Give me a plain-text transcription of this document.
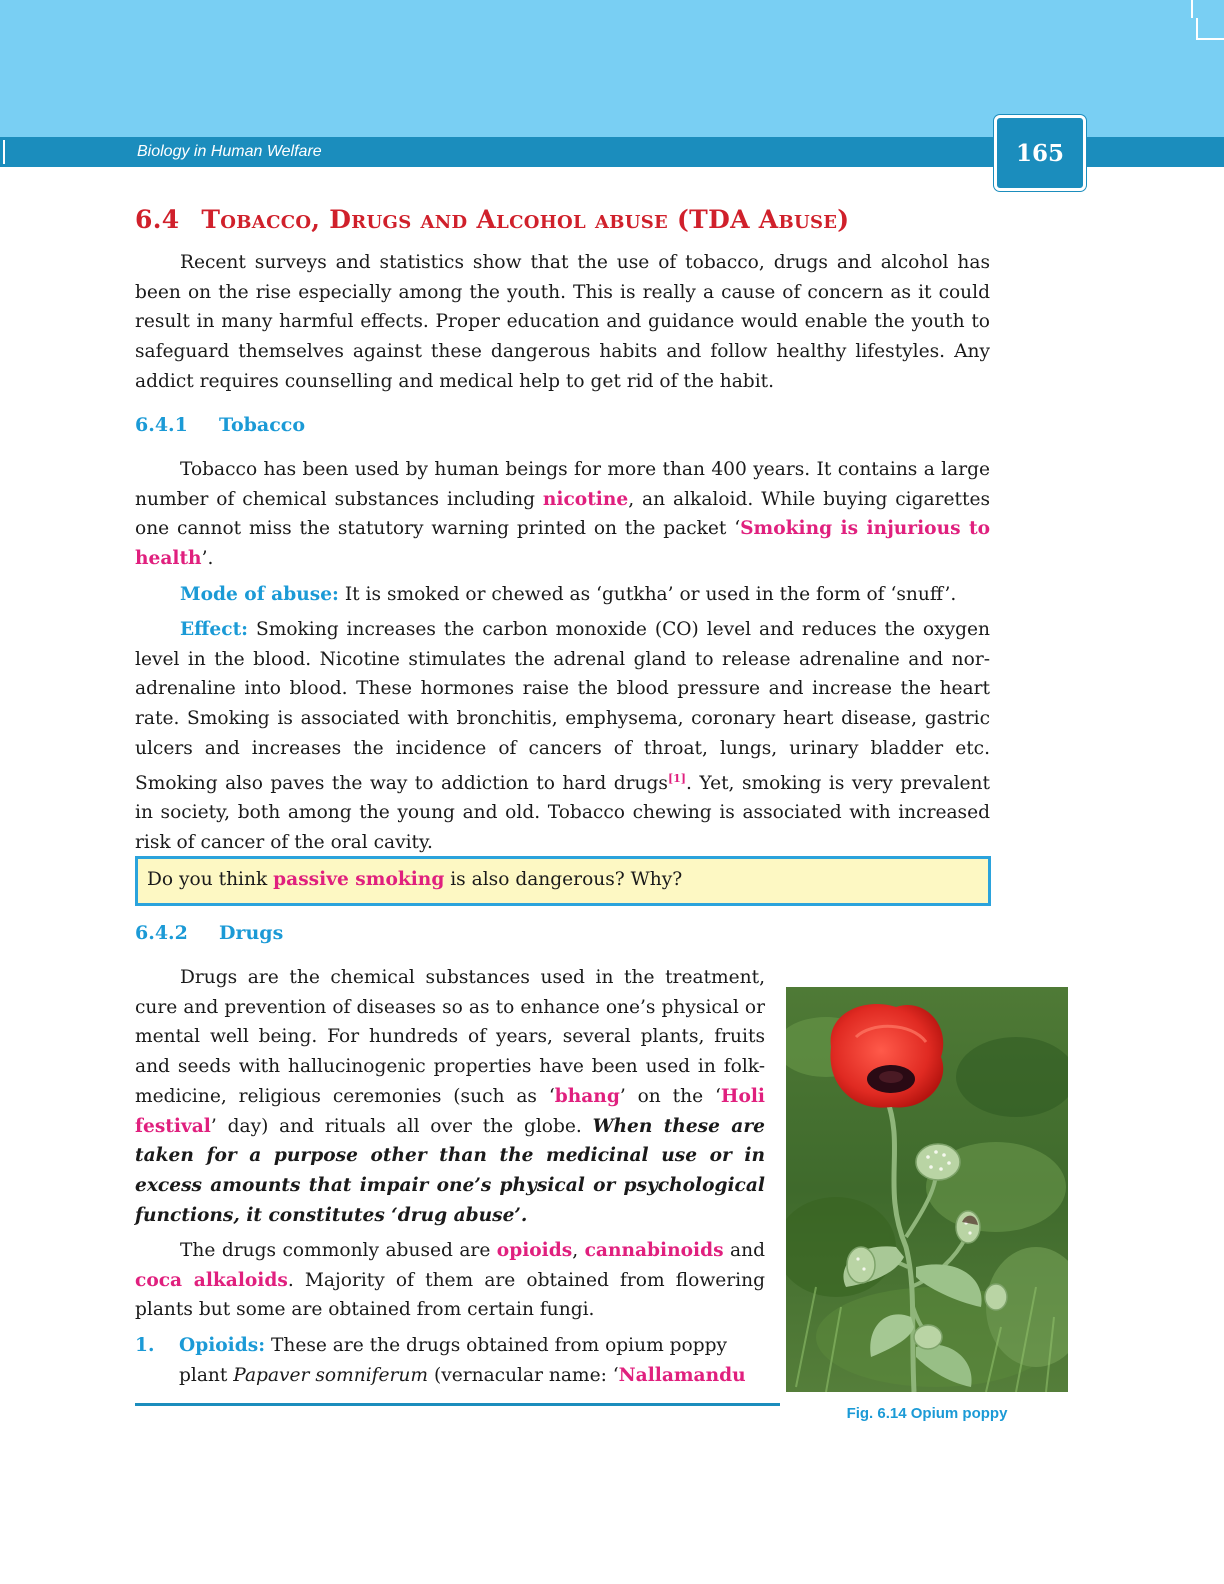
Biology in Human Welfare	165
6.4 Tobacco, Drugs and Alcohol abuse (TDA Abuse)

Recent surveys and statistics show that the use of tobacco, drugs and alcohol has been on the rise especially among the youth. This is really a cause of concern as it could result in many harmful effects. Proper education and guidance would enable the youth to safeguard themselves against these dangerous habits and follow healthy lifestyles. Any addict requires counselling and medical help to get rid of the habit.

6.4.1 Tobacco

Tobacco has been used by human beings for more than 400 years. It contains a large number of chemical substances including nicotine, an alkaloid. While buying cigarettes one cannot miss the statutory warning printed on the packet ‘Smoking is injurious to health’.

Mode of abuse: It is smoked or chewed as ‘gutkha’ or used in the form of ‘snuff’.

Effect: Smoking increases the carbon monoxide (CO) level and reduces the oxygen level in the blood. Nicotine stimulates the adrenal gland to release adrenaline and nor-adrenaline into blood. These hormones raise the blood pressure and increase the heart rate. Smoking is associated with bronchitis, emphysema, coronary heart disease, gastric ulcers and increases the incidence of cancers of throat, lungs, urinary bladder etc. Smoking also paves the way to addiction to hard drugs[1]. Yet, smoking is very prevalent in society, both among the young and old. Tobacco chewing is associated with increased risk of cancer of the oral cavity.

Do you think passive smoking is also dangerous? Why?
6.4.2 Drugs

Drugs are the chemical substances used in the treatment, cure and prevention of diseases so as to enhance one’s physical or mental well being. For hundreds of years, several plants, fruits and seeds with hallucinogenic properties have been used in folk-medicine, religious ceremonies (such as ‘bhang’ on the ‘Holi festival’ day) and rituals all over the globe. When these are taken for a purpose other than the medicinal use or in excess amounts that impair one’s physical or psychological functions, it constitutes ‘drug abuse’.

The drugs commonly abused are opioids, cannabinoids and coca alkaloids. Majority of them are obtained from flowering plants but some are obtained from certain fungi.

1.	Opioids: These are the drugs obtained from opium poppy
plant Papaver somniferum (vernacular name: ‘Nallamandu
Fig. 6.14 Opium poppy
